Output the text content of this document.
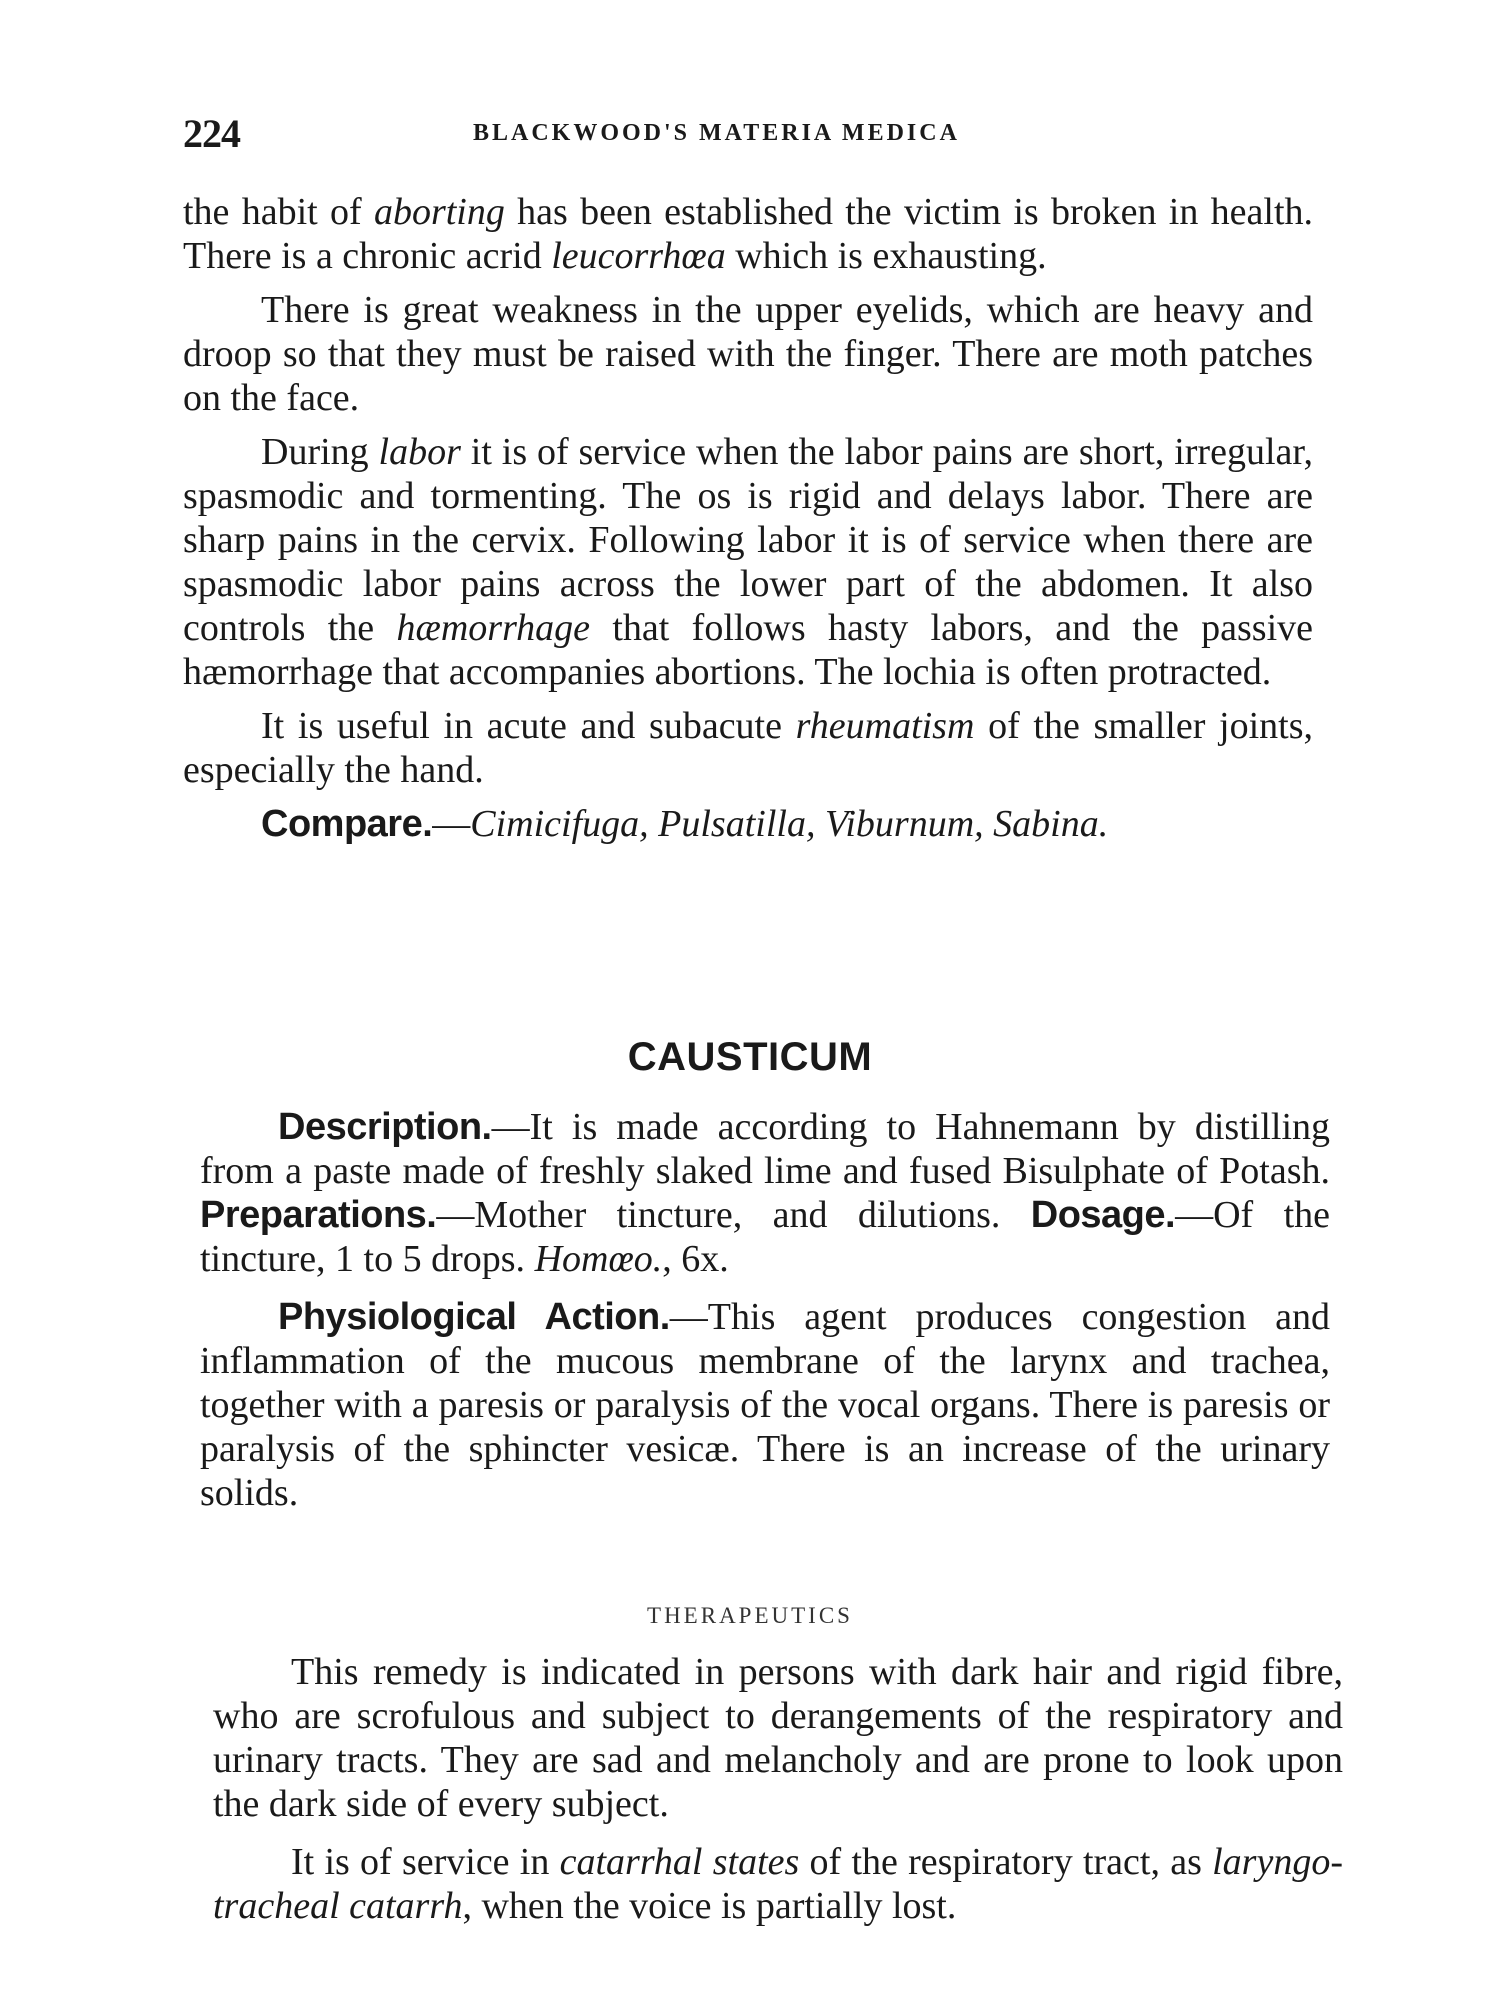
224	BLACKWOOD'S MATERIA MEDICA

the habit of aborting has been established the victim is broken in health. There is a chronic acrid leucorrhœa which is exhausting.

There is great weakness in the upper eyelids, which are heavy and droop so that they must be raised with the finger. There are moth patches on the face.

During labor it is of service when the labor pains are short, irregular, spasmodic and tormenting. The os is rigid and delays labor. There are sharp pains in the cervix. Following labor it is of service when there are spasmodic labor pains across the lower part of the abdomen. It also controls the hæmorrhage that follows hasty labors, and the passive hæmorrhage that accompanies abortions. The lochia is often protracted.

It is useful in acute and subacute rheumatism of the smaller joints, especially the hand.

Compare.—Cimicifuga, Pulsatilla, Viburnum, Sabina.

CAUSTICUM

Description.—It is made according to Hahnemann by distilling from a paste made of freshly slaked lime and fused Bisulphate of Potash. Preparations.—Mother tincture, and dilutions. Dosage.—Of the tincture, 1 to 5 drops. Homœo., 6x.

Physiological Action.—This agent produces congestion and inflammation of the mucous membrane of the larynx and trachea, together with a paresis or paralysis of the vocal organs. There is paresis or paralysis of the sphincter vesicæ. There is an increase of the urinary solids.

THERAPEUTICS

This remedy is indicated in persons with dark hair and rigid fibre, who are scrofulous and subject to derangements of the respiratory and urinary tracts. They are sad and melancholy and are prone to look upon the dark side of every subject.

It is of service in catarrhal states of the respiratory tract, as laryngo-tracheal catarrh, when the voice is partially lost.
